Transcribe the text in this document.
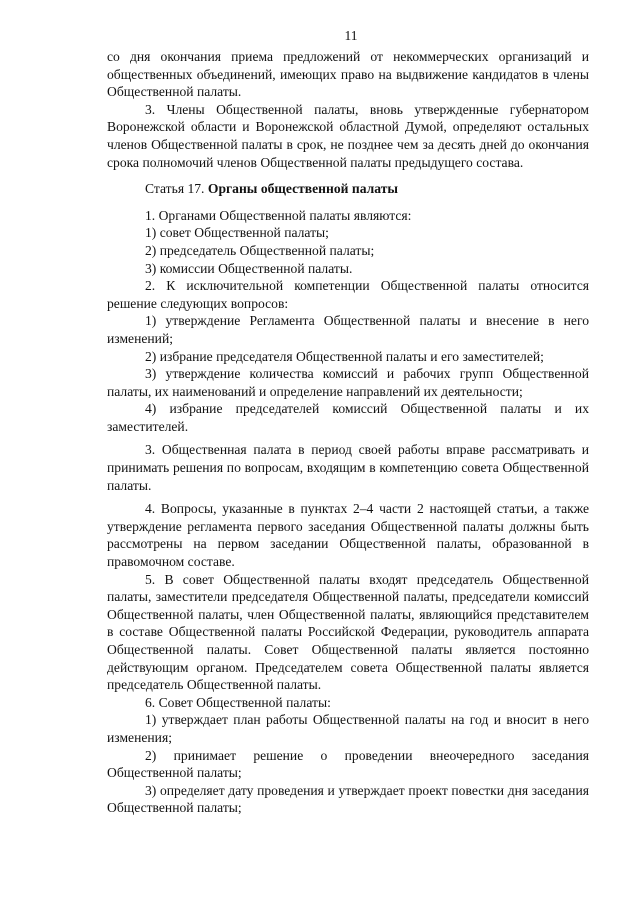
11

со дня окончания приема предложений от некоммерческих организаций и общественных объединений, имеющих право на выдвижение кандидатов в члены Общественной палаты.

3. Члены Общественной палаты, вновь утвержденные губернатором Воронежской области и Воронежской областной Думой, определяют остальных членов Общественной палаты в срок, не позднее чем за десять дней до окончания срока полномочий членов Общественной палаты предыдущего состава.

Статья 17. Органы общественной палаты

1. Органами Общественной палаты являются:

1) совет Общественной палаты;

2) председатель Общественной палаты;

3) комиссии Общественной палаты.

2. К исключительной компетенции Общественной палаты относится решение следующих вопросов:

1) утверждение Регламента Общественной палаты и внесение в него изменений;

2) избрание председателя Общественной палаты и его заместителей;

3) утверждение количества комиссий и рабочих групп Общественной палаты, их наименований и определение направлений их деятельности;

4) избрание председателей комиссий Общественной палаты и их заместителей.

3. Общественная палата в период своей работы вправе рассматривать и принимать решения по вопросам, входящим в компетенцию совета Общественной палаты.

4. Вопросы, указанные в пунктах 2–4 части 2 настоящей статьи, а также утверждение регламента первого заседания Общественной палаты должны быть рассмотрены на первом заседании Общественной палаты, образованной в правомочном составе.

5. В совет Общественной палаты входят председатель Общественной палаты, заместители председателя Общественной палаты, председатели комиссий Общественной палаты, член Общественной палаты, являющийся представителем в составе Общественной палаты Российской Федерации, руководитель аппарата Общественной палаты. Совет Общественной палаты является постоянно действующим органом. Председателем совета Общественной палаты является председатель Общественной палаты.

6. Совет Общественной палаты:

1) утверждает план работы Общественной палаты на год и вносит в него изменения;

2) принимает решение о проведении внеочередного заседания Общественной палаты;

3) определяет дату проведения и утверждает проект повестки дня заседания Общественной палаты;
